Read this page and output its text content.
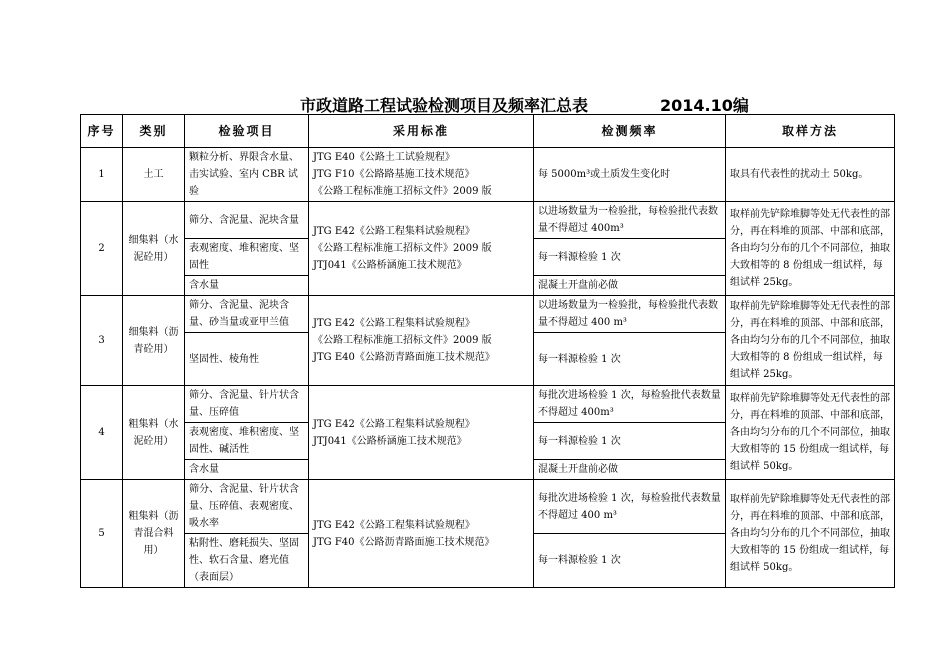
市政道路工程试验检测项目及频率汇总表	2014.10编
序号	类别	检验项目	采用标准	检测频率	取样方法
1	土工	颗粒分析、界限含水量、击实试验、室内 CBR 试验	JTG E40《公路土工试验规程》
JTG F10《公路路基施工技术规范》
《公路工程标准施工招标文件》2009 版	每 5000m³或土质发生变化时	取具有代表性的扰动土 50kg。
2	细集料（水泥砼用）	筛分、含泥量、泥块含量	JTG E42《公路工程集料试验规程》
《公路工程标准施工招标文件》2009 版
JTJ041《公路桥涵施工技术规范》	以进场数量为一检验批，每检验批代表数量不得超过 400m³	取样前先铲除堆脚等处无代表性的部分，再在料堆的顶部、中部和底部，各由均匀分布的几个不同部位，抽取大致相等的 8 份组成一组试样，每组试样 25kg。
		表观密度、堆积密度、坚固性		每一料源检验 1 次	
		含水量		混凝土开盘前必做	
3	细集料（沥青砼用）	筛分、含泥量、泥块含量、砂当量或亚甲兰值	JTG E42《公路工程集料试验规程》
《公路工程标准施工招标文件》2009 版
JTG E40《公路沥青路面施工技术规范》	以进场数量为一检验批，每检验批代表数量不得超过 400 m³	取样前先铲除堆脚等处无代表性的部分，再在料堆的顶部、中部和底部，各由均匀分布的几个不同部位，抽取大致相等的 8 份组成一组试样，每组试样 25kg。
		坚固性、棱角性		每一料源检验 1 次	
4	粗集料（水泥砼用）	筛分、含泥量、针片状含量、压碎值	JTG E42《公路工程集料试验规程》
JTJ041《公路桥涵施工技术规范》	每批次进场检验 1 次，每检验批代表数量不得超过 400m³	取样前先铲除堆脚等处无代表性的部分，再在料堆的顶部、中部和底部，各由均匀分布的几个不同部位，抽取大致相等的 15 份组成一组试样，每组试样 50kg。
		表观密度、堆积密度、坚固性、碱活性		每一料源检验 1 次	
		含水量		混凝土开盘前必做	
5	粗集料（沥青混合料用）	筛分、含泥量、针片状含量、压碎值、表观密度、吸水率	JTG E42《公路工程集料试验规程》
JTG F40《公路沥青路面施工技术规范》	每批次进场检验 1 次，每检验批代表数量不得超过 400 m³	取样前先铲除堆脚等处无代表性的部分，再在料堆的顶部、中部和底部，各由均匀分布的几个不同部位，抽取大致相等的 15 份组成一组试样，每组试样 50kg。
		粘附性、磨耗损失、坚固性、软石含量、磨光值（表面层）		每一料源检验 1 次	
